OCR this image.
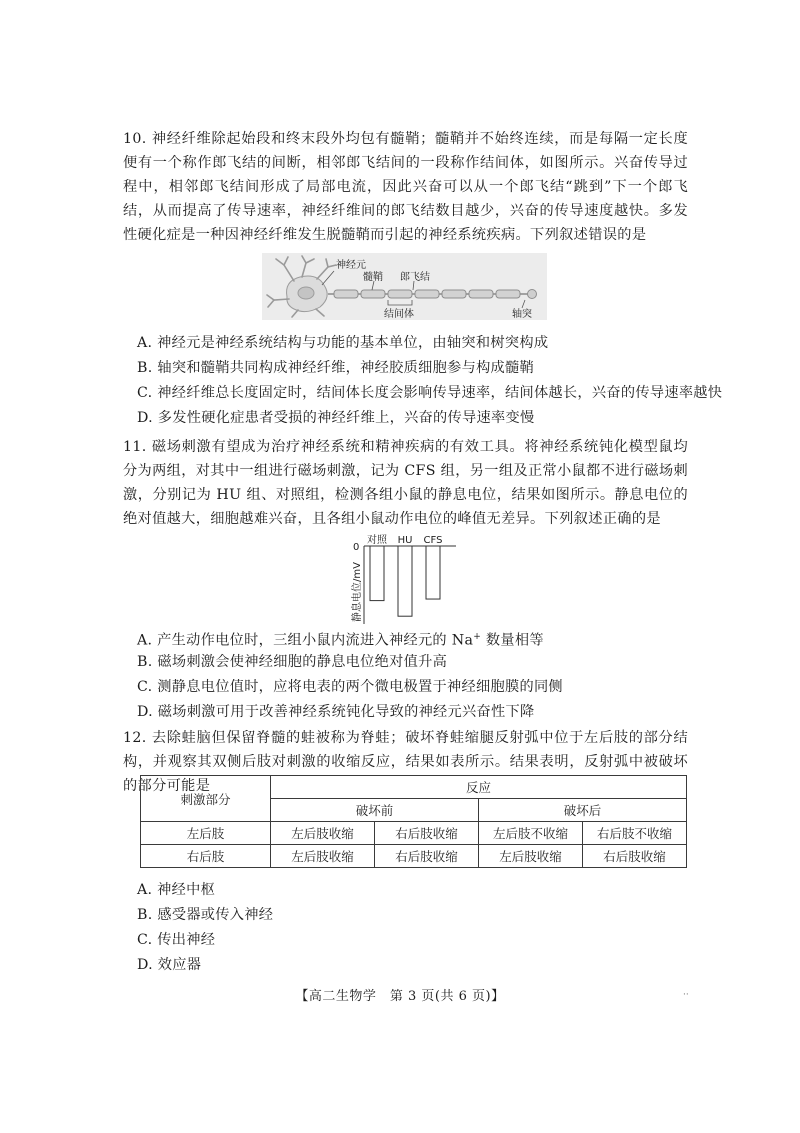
10. 神经纤维除起始段和终末段外均包有髓鞘；髓鞘并不始终连续，而是每隔一定长度便有一个称作郎飞结的间断，相邻郎飞结间的一段称作结间体，如图所示。兴奋传导过程中，相邻郎飞结间形成了局部电流，因此兴奋可以从一个郎飞结“跳到”下一个郎飞结，从而提高了传导速率，神经纤维间的郎飞结数目越少，兴奋的传导速度越快。多发性硬化症是一种因神经纤维发生脱髓鞘而引起的神经系统疾病。下列叙述错误的是

神经元
髓鞘 郎飞结
结间体	轴突

A. 神经元是神经系统结构与功能的基本单位，由轴突和树突构成

B. 轴突和髓鞘共同构成神经纤维，神经胶质细胞参与构成髓鞘

C. 神经纤维总长度固定时，结间体长度会影响传导速率，结间体越长，兴奋的传导速率越快

D. 多发性硬化症患者受损的神经纤维上，兴奋的传导速率变慢

11. 磁场刺激有望成为治疗神经系统和精神疾病的有效工具。将神经系统钝化模型鼠均分为两组，对其中一组进行磁场刺激，记为 CFS 组，另一组及正常小鼠都不进行磁场刺激，分别记为 HU 组、对照组，检测各组小鼠的静息电位，结果如图所示。静息电位的绝对值越大，细胞越难兴奋，且各组小鼠动作电位的峰值无差异。下列叙述正确的是

对照 HU CFS
静息电位/mV
0

A. 产生动作电位时，三组小鼠内流进入神经元的 Na+ 数量相等

B. 磁场刺激会使神经细胞的静息电位绝对值升高

C. 测静息电位值时，应将电表的两个微电极置于神经细胞膜的同侧

D. 磁场刺激可用于改善神经系统钝化导致的神经元兴奋性下降

12. 去除蛙脑但保留脊髓的蛙被称为脊蛙；破坏脊蛙缩腿反射弧中位于左后肢的部分结构，并观察其双侧后肢对刺激的收缩反应，结果如表所示。结果表明，反射弧中被破坏的部分可能是

刺激部分	反应			
	破坏前		破坏后	
左后肢	左后肢收缩	右后肢收缩	左后肢不收缩	右后肢不收缩
右后肢	左后肢收缩	右后肢收缩	左后肢收缩	右后肢收缩

A. 神经中枢

B. 感受器或传入神经

C. 传出神经

D. 效应器

【高二生物学　第 3 页(共 6 页)】	··
